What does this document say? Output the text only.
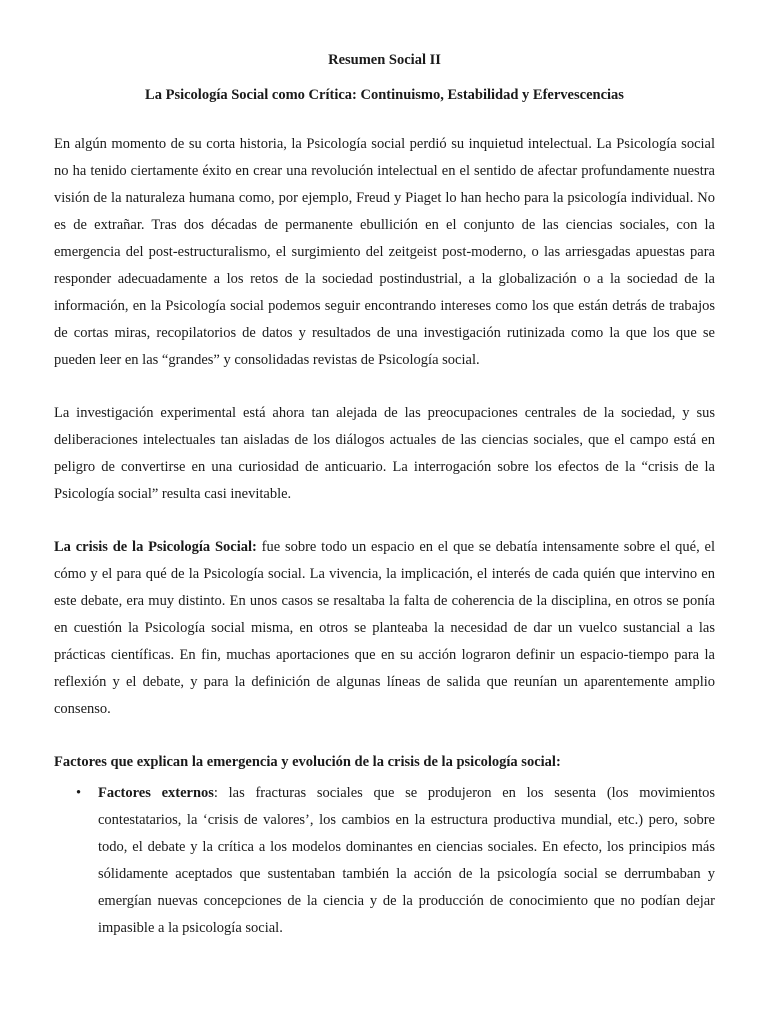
Resumen Social II
La Psicología Social como Crítica: Continuismo, Estabilidad y Efervescencias

En algún momento de su corta historia, la Psicología social perdió su inquietud intelectual. La Psicología social no ha tenido ciertamente éxito en crear una revolución intelectual en el sentido de afectar profundamente nuestra visión de la naturaleza humana como, por ejemplo, Freud y Piaget lo han hecho para la psicología individual. No es de extrañar. Tras dos décadas de permanente ebullición en el conjunto de las ciencias sociales, con la emergencia del post-estructuralismo, el surgimiento del zeitgeist post-moderno, o las arriesgadas apuestas para responder adecuadamente a los retos de la sociedad postindustrial, a la globalización o a la sociedad de la información, en la Psicología social podemos seguir encontrando intereses como los que están detrás de trabajos de cortas miras, recopilatorios de datos y resultados de una investigación rutinizada como la que los que se pueden leer en las “grandes” y consolidadas revistas de Psicología social.

La investigación experimental está ahora tan alejada de las preocupaciones centrales de la sociedad, y sus deliberaciones intelectuales tan aisladas de los diálogos actuales de las ciencias sociales, que el campo está en peligro de convertirse en una curiosidad de anticuario. La interrogación sobre los efectos de la “crisis de la Psicología social” resulta casi inevitable.

La crisis de la Psicología Social: fue sobre todo un espacio en el que se debatía intensamente sobre el qué, el cómo y el para qué de la Psicología social. La vivencia, la implicación, el interés de cada quién que intervino en este debate, era muy distinto. En unos casos se resaltaba la falta de coherencia de la disciplina, en otros se ponía en cuestión la Psicología social misma, en otros se planteaba la necesidad de dar un vuelco sustancial a las prácticas científicas. En fin, muchas aportaciones que en su acción lograron definir un espacio-tiempo para la reflexión y el debate, y para la definición de algunas líneas de salida que reunían un aparentemente amplio consenso.

Factores que explican la emergencia y evolución de la crisis de la psicología social:

• Factores externos: las fracturas sociales que se produjeron en los sesenta (los movimientos contestatarios, la ‘crisis de valores’, los cambios en la estructura productiva mundial, etc.) pero, sobre todo, el debate y la crítica a los modelos dominantes en ciencias sociales. En efecto, los principios más sólidamente aceptados que sustentaban también la acción de la psicología social se derrumbaban y emergían nuevas concepciones de la ciencia y de la producción de conocimiento que no podían dejar impasible a la psicología social.
